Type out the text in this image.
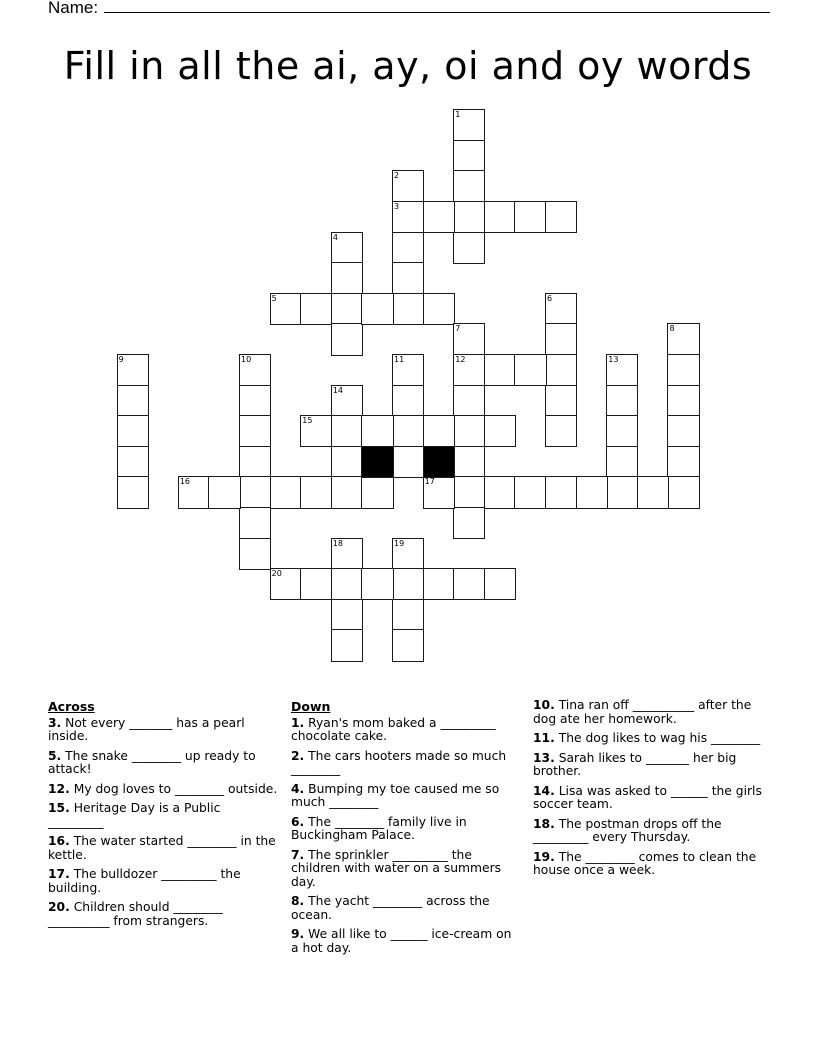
Name:
Fill in all the ai, ay, oi and oy words
1
2
3
4
5	6
7
12
8
9	10	11	13
14
15
16	17
18	19
20
Across
3. Not every _______ has a pearl inside.
5. The snake ________ up ready to attack!
12. My dog loves to ________ outside.
15. Heritage Day is a Public _________
16. The water started ________ in the kettle.
17. The bulldozer _________ the building.
20. Children should ________ __________ from strangers.
Down
1. Ryan's mom baked a _________ chocolate cake.
2. The cars hooters made so much ________
4. Bumping my toe caused me so much ________
6. The ________ family live in Buckingham Palace.
7. The sprinkler _________ the children with water on a summers day.
8. The yacht ________ across the ocean.
9. We all like to ______ ice-cream on a hot day.
10. Tina ran off __________ after the dog ate her homework.
11. The dog likes to wag his ________
13. Sarah likes to _______ her big brother.
14. Lisa was asked to ______ the girls soccer team.
18. The postman drops off the _________ every Thursday.
19. The ________ comes to clean the house once a week.
